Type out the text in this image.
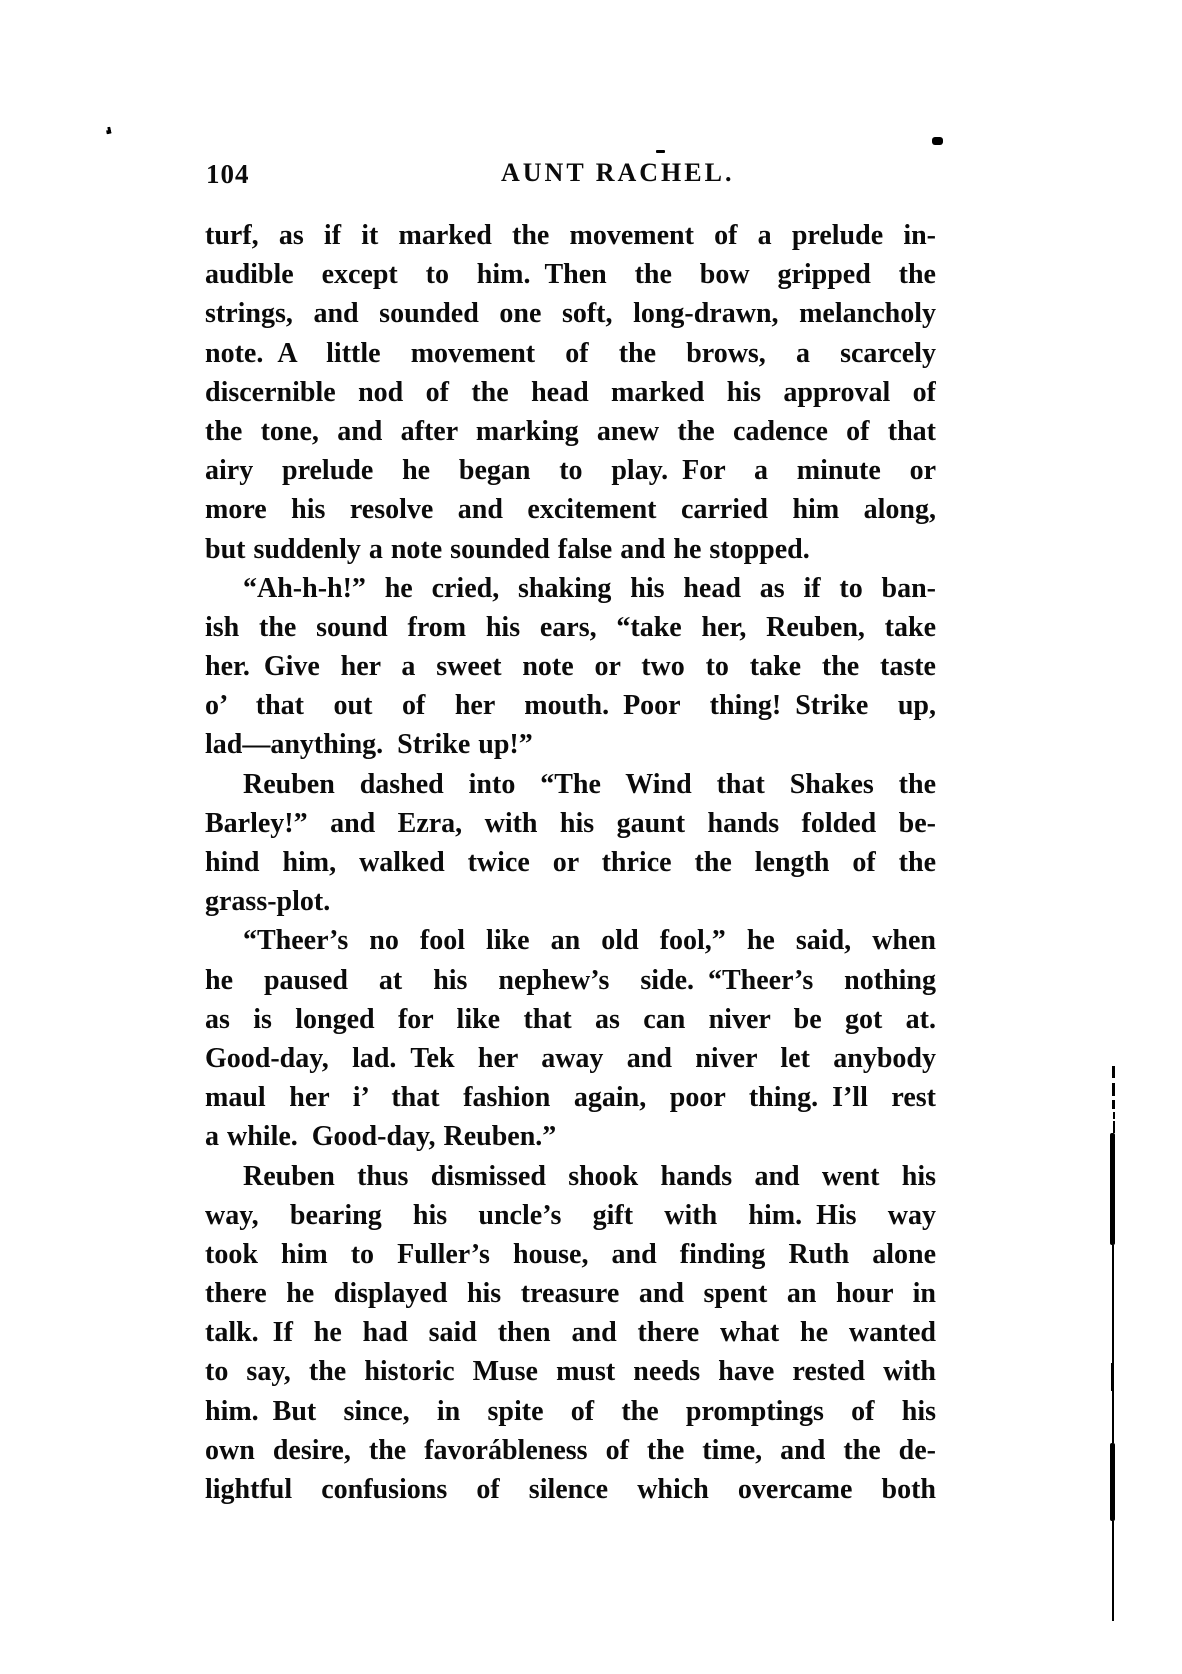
104	AUNT RACHEL.
turf, as if it marked the movement of a prelude in-
audible except to him. Then the bow gripped the
strings, and sounded one soft, long-drawn, melancholy
note. A little movement of the brows, a scarcely
discernible nod of the head marked his approval of
the tone, and after marking anew the cadence of that
airy prelude he began to play. For a minute or
more his resolve and excitement carried him along,
but suddenly a note sounded false and he stopped.
“Ah-h-h!” he cried, shaking his head as if to ban-
ish the sound from his ears, “take her, Reuben, take
her. Give her a sweet note or two to take the taste
o’ that out of her mouth. Poor thing! Strike up,
lad—anything. Strike up!”
Reuben dashed into “The Wind that Shakes the
Barley!” and Ezra, with his gaunt hands folded be-
hind him, walked twice or thrice the length of the
grass-plot.
“Theer’s no fool like an old fool,” he said, when
he paused at his nephew’s side. “Theer’s nothing
as is longed for like that as can niver be got at.
Good-day, lad. Tek her away and niver let anybody
maul her i’ that fashion again, poor thing. I’ll rest
a while. Good-day, Reuben.”
Reuben thus dismissed shook hands and went his
way, bearing his uncle’s gift with him. His way
took him to Fuller’s house, and finding Ruth alone
there he displayed his treasure and spent an hour in
talk. If he had said then and there what he wanted
to say, the historic Muse must needs have rested with
him. But since, in spite of the promptings of his
own desire, the favorábleness of the time, and the de-
lightful confusions of silence which overcame both
